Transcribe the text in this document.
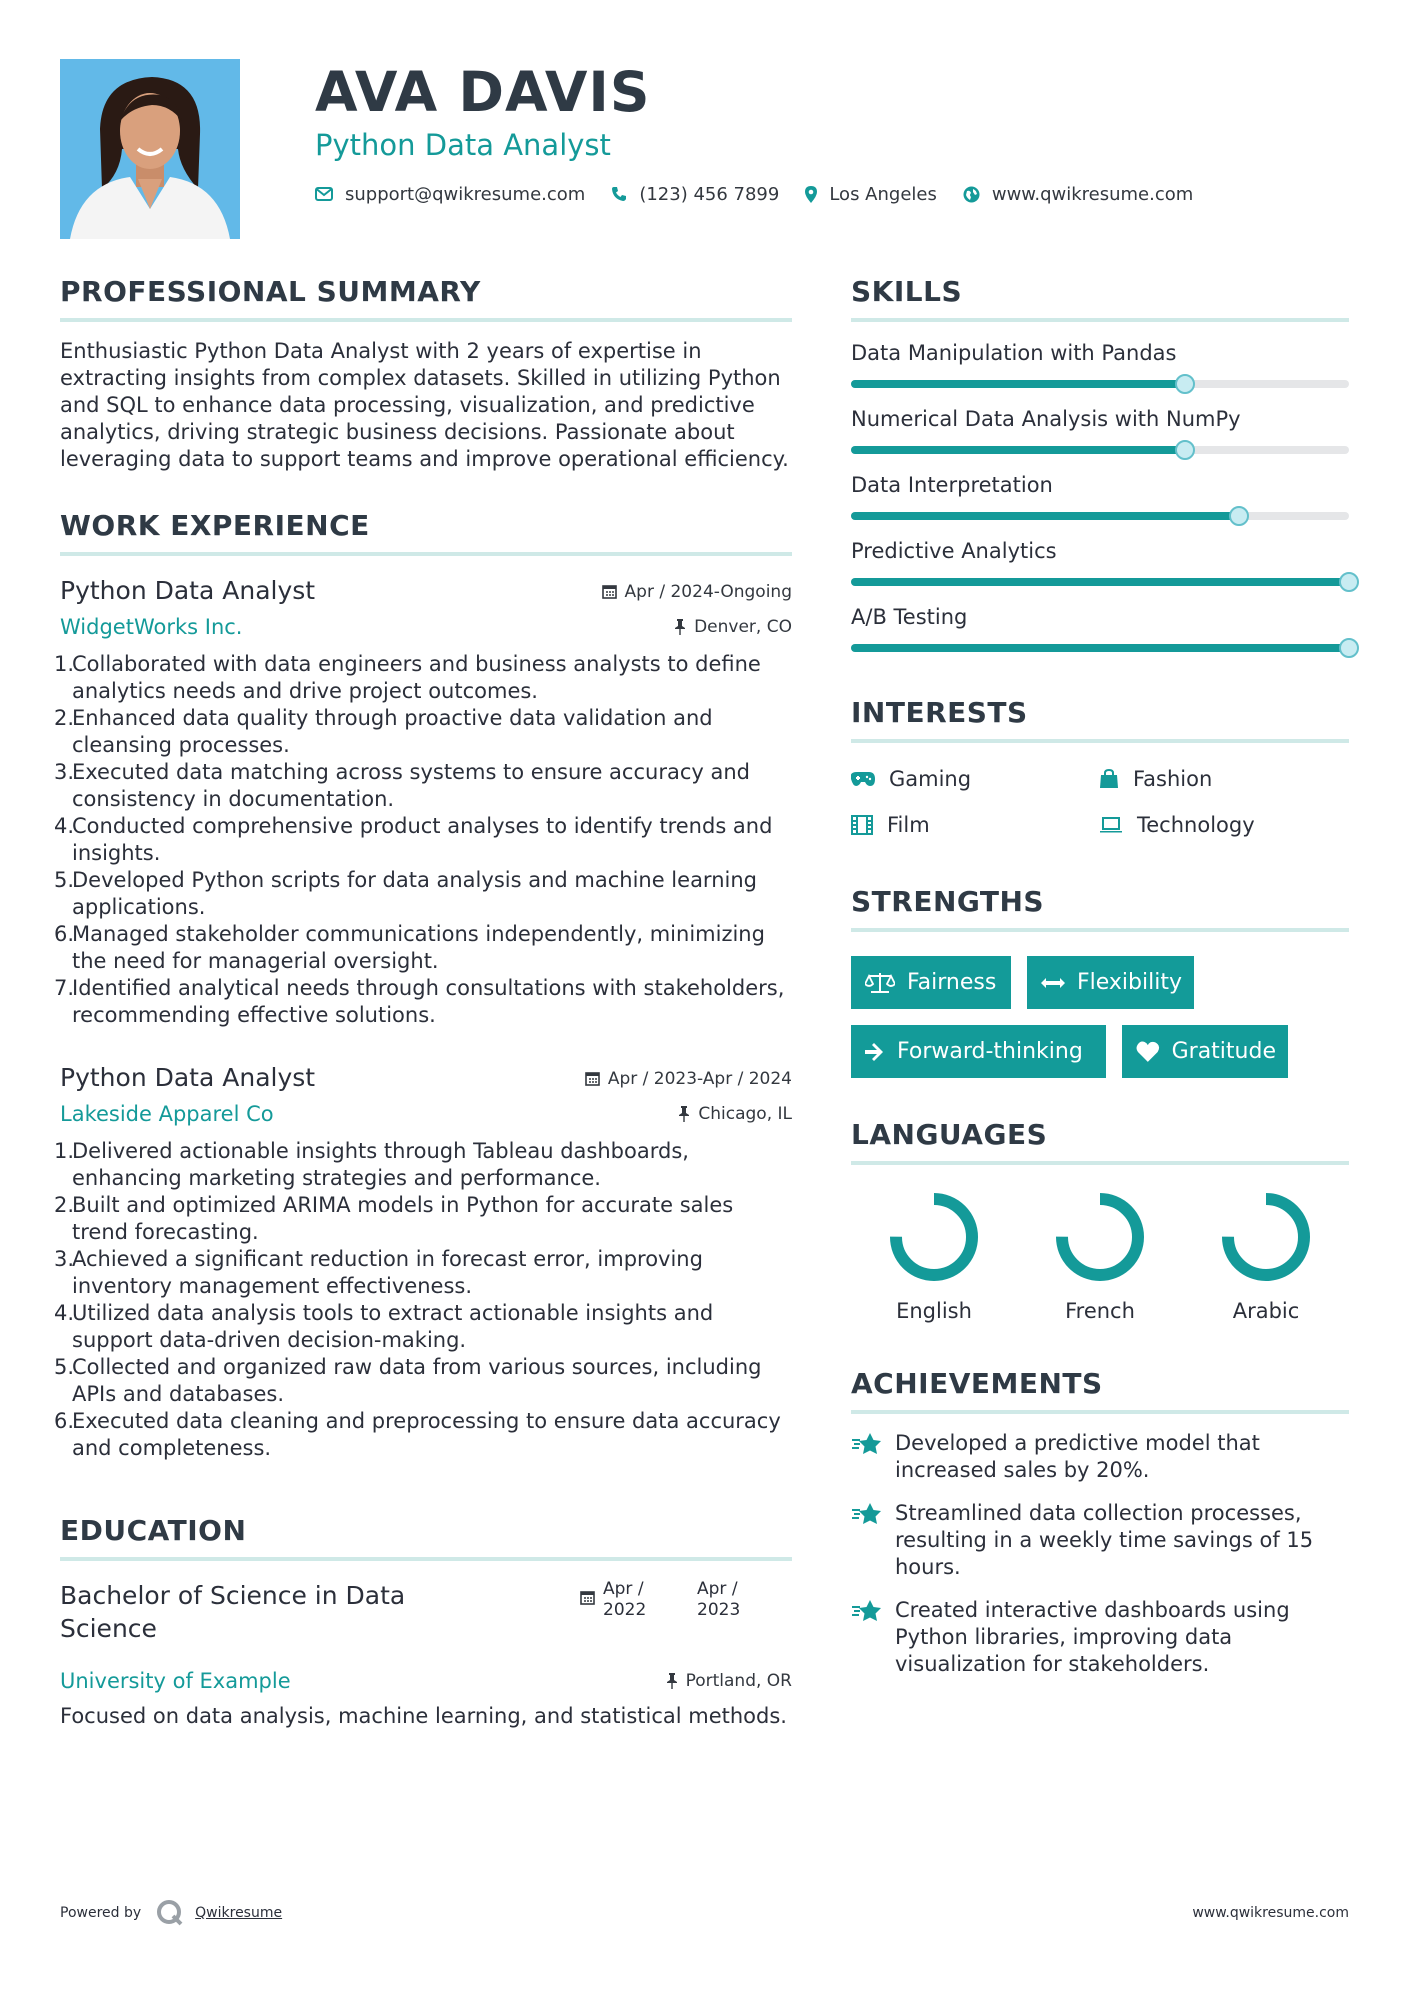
AVA DAVIS
Python Data Analyst
support@qwikresume.com	(123) 456 7899	Los Angeles	www.qwikresume.com
PROFESSIONAL SUMMARY
Enthusiastic Python Data Analyst with 2 years of expertise in extracting insights from complex datasets. Skilled in utilizing Python and SQL to enhance data processing, visualization, and predictive analytics, driving strategic business decisions. Passionate about leveraging data to support teams and improve operational efficiency.
WORK EXPERIENCE
Python Data Analyst	Apr / 2024-Ongoing
WidgetWorks Inc.	Denver, CO
1.
Collaborated with data engineers and business analysts to define analytics needs and drive project outcomes.
2.
Enhanced data quality through proactive data validation and cleansing processes.
3.
Executed data matching across systems to ensure accuracy and consistency in documentation.
4.
Conducted comprehensive product analyses to identify trends and insights.
5.
Developed Python scripts for data analysis and machine learning applications.
6.
Managed stakeholder communications independently, minimizing the need for managerial oversight.
7.
Identified analytical needs through consultations with stakeholders, recommending effective solutions.
Python Data Analyst	Apr / 2023-Apr / 2024
Lakeside Apparel Co	Chicago, IL
1.
Delivered actionable insights through Tableau dashboards, enhancing marketing strategies and performance.
2.
Built and optimized ARIMA models in Python for accurate sales trend forecasting.
3.
Achieved a significant reduction in forecast error, improving inventory management effectiveness.
4.
Utilized data analysis tools to extract actionable insights and support data-driven decision-making.
5.
Collected and organized raw data from various sources, including APIs and databases.
6.
Executed data cleaning and preprocessing to ensure data accuracy and completeness.
EDUCATION
Bachelor of Science in Data Science
Apr / 2022
Apr / 2023
University of Example	Portland, OR
Focused on data analysis, machine learning, and statistical methods.
SKILLS
Data Manipulation with Pandas
Numerical Data Analysis with NumPy
Data Interpretation
Predictive Analytics
A/B Testing
INTERESTS
Gaming	Fashion
Film	Technology
STRENGTHS
Fairness	Flexibility
Forward-thinking	Gratitude
LANGUAGES
English	French	Arabic
ACHIEVEMENTS
Developed a predictive model that increased sales by 20%.
Streamlined data collection processes, resulting in a weekly time savings of 15 hours.
Created interactive dashboards using Python libraries, improving data visualization for stakeholders.
Powered by	Qwikresume	www.qwikresume.com
